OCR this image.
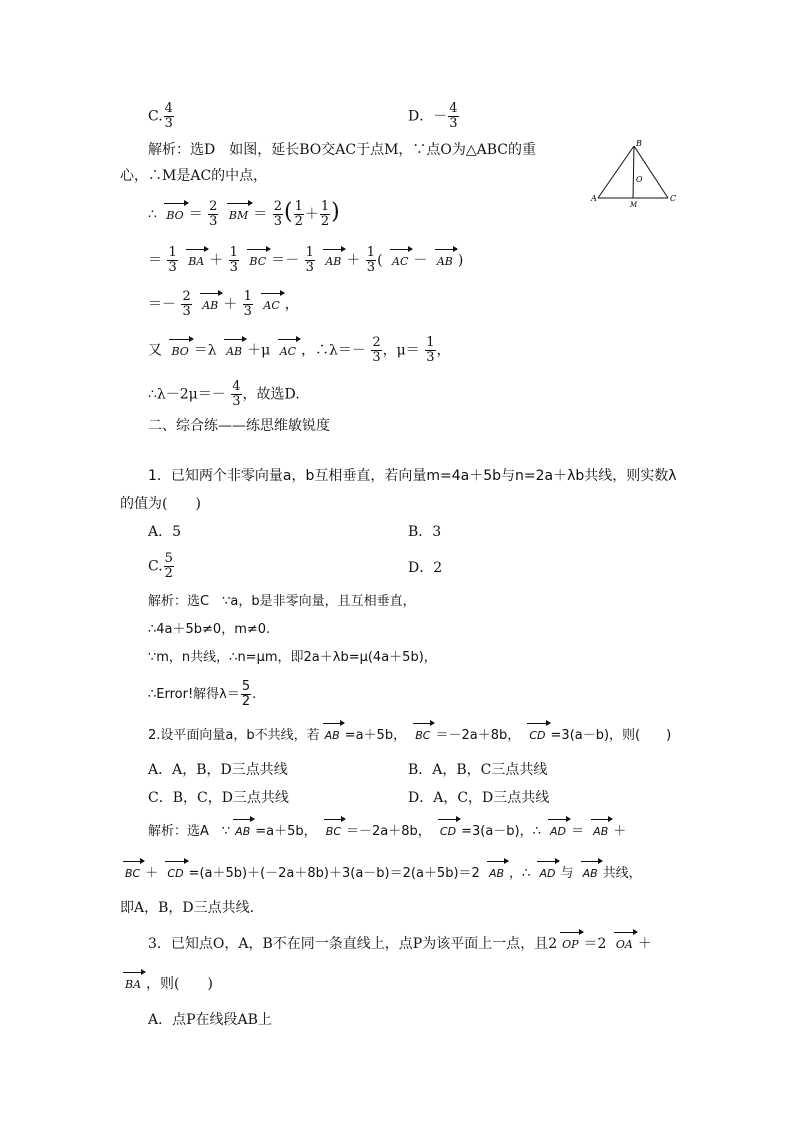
C. $\frac{4}{3}$	D．－ $\frac{4}{3}$
解析：选D　如图，延长BO交AC于点M，∵点O为△ABC的重
心，∴M是AC的中点，
∴ BO ＝ $\frac{2}{3}$ BM ＝ $\frac{2}{3}$ ( $\frac{1}{2} + \frac{1}{2}$ )
＝ $\frac{1}{3}$ BA ＋ $\frac{1}{3}$ BC ＝－ $\frac{1}{3}$ AB ＋ $\frac{1}{3}$ ( AC － AB )
＝－ $\frac{2}{3}$ AB ＋ $\frac{1}{3}$ AC ，
又 BO ＝λ AB ＋μ AC ，∴λ＝－ $\frac{2}{3}$ ，$\mu= \frac{1}{3}$ ，
∴λ－2μ＝－ $\frac{4}{3}$ ，故选D.
二、综合练——练思维敏锐度
1．已知两个非零向量a，b互相垂直，若向量m=4a＋5b与n=2a＋λb共线，则实数λ
的值为(　　)
A．5	B．3
C. $\frac{5}{2}$	D．2
解析：选C　∵a，b是非零向量，且互相垂直，
∴4a＋5b≠0，m≠0.
∵m，n共线，∴n=μm，即2a＋λb=μ(4a＋5b)，
∴Error!解得$\lambda= \frac{5}{2}$ .
2.设平面向量a，b不共线，若 AB =a＋5b， BC ＝－2a＋8b， CD =3(a－b)，则(　　)
A．A，B，D三点共线	B．A，B，C三点共线
C．B，C，D三点共线	D．A，C，D三点共线
解析：选A　∵ AB =a＋5b， BC ＝－2a＋8b， CD =3(a－b)，∴ AD ＝ AB ＋
BC ＋ CD =(a＋5b)＋(－2a＋8b)＋3(a－b)＝2(a＋5b)＝2 AB ，∴ AD 与 AB 共线，
即A，B，D三点共线.
3．已知点O，A，B不在同一条直线上，点P为该平面上一点，且2 OP ＝2 OA ＋
BA ，则(　　)
A．点P在线段AB上
A
B
C
O
M
